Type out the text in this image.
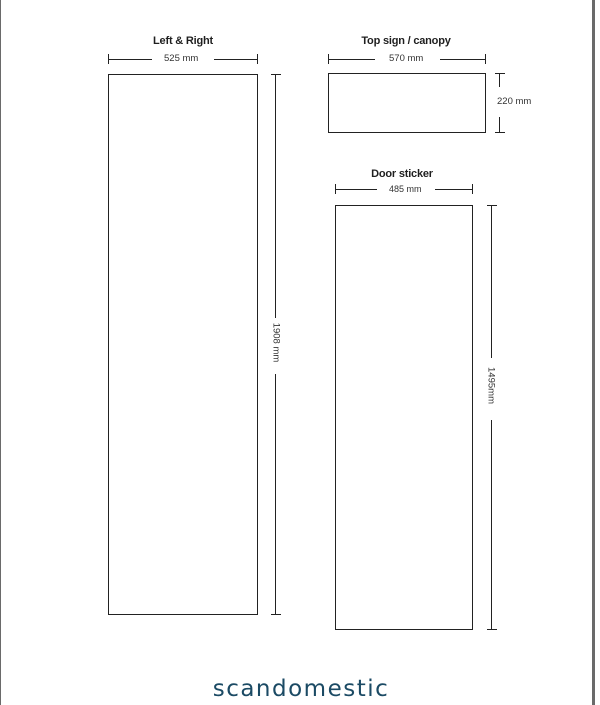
Left & Right
525 mm
1908 mm
Top sign / canopy
570 mm
220 mm
Door sticker
485 mm
1495mm
scandomestic
